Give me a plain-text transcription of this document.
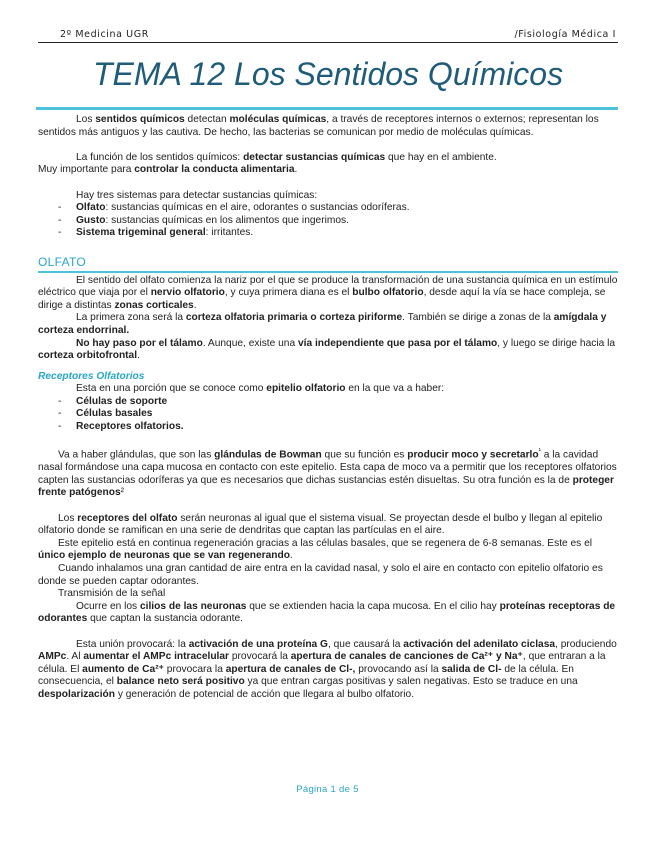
2º Medicina UGR	/Fisiología Médica I
TEMA 12 Los Sentidos Químicos

Los sentidos químicos detectan moléculas químicas, a través de receptores internos o externos; representan los sentidos más antiguos y las cautiva. De hecho, las bacterias se comunican por medio de moléculas químicas.

La función de los sentidos químicos: detectar sustancias químicas que hay en el ambiente.

Muy importante para controlar la conducta alimentaria.

Hay tres sistemas para detectar sustancias químicas:

- Olfato: sustancias químicas en el aire, odorantes o sustancias odoríferas.
- Gusto: sustancias químicas en los alimentos que ingerimos.
- Sistema trigeminal general: irritantes.
OLFATO

El sentido del olfato comienza la nariz por el que se produce la transformación de una sustancia química en un estímulo eléctrico que viaja por el nervio olfatorio, y cuya primera diana es el bulbo olfatorio, desde aquí la vía se hace compleja, se dirige a distintas zonas corticales.

La primera zona será la corteza olfatoria primaria o corteza piriforme. También se dirige a zonas de la amígdala y corteza endorrinal.

No hay paso por el tálamo. Aunque, existe una vía independiente que pasa por el tálamo, y luego se dirige hacia la corteza orbitofrontal.

Receptores Olfatorios

Esta en una porción que se conoce como epitelio olfatorio en la que va a haber:

- Células de soporte
- Células basales
- Receptores olfatorios.

Va a haber glándulas, que son las glándulas de Bowman que su función es producir moco y secretarlo$^{^1}$ a la cavidad nasal formándose una capa mucosa en contacto con este epitelio. Esta capa de moco va a permitir que los receptores olfatorios capten las sustancias odoríferas ya que es necesarios que dichas sustancias estén disueltas. Su otra función es la de proteger frente patógenos²

Los receptores del olfato serán neuronas al igual que el sistema visual. Se proyectan desde el bulbo y llegan al epitelio olfatorio donde se ramifican en una serie de dendritas que captan las partículas en el aire.

Este epitelio está en continua regeneración gracias a las células basales, que se regenera de 6-8 semanas. Este es el único ejemplo de neuronas que se van regenerando.

Cuando inhalamos una gran cantidad de aire entra en la cavidad nasal, y solo el aire en contacto con epitelio olfatorio es donde se pueden captar odorantes.

Transmisión de la señal

Ocurre en los cilios de las neuronas que se extienden hacia la capa mucosa. En el cilio hay proteínas receptoras de odorantes que captan la sustancia odorante.

Esta unión provocará: la activación de una proteína G, que causará la activación del adenilato ciclasa, produciendo AMPc. Al aumentar el AMPc intracelular provocará la apertura de canales de canciones de Ca²⁺ y Na⁺, que entraran a la célula. El aumento de Ca²⁺ provocara la apertura de canales de Cl-, provocando así la salida de Cl- de la célula. En consecuencia, el balance neto será positivo ya que entran cargas positivas y salen negativas. Esto se traduce en una despolarización y generación de potencial de acción que llegara al bulbo olfatorio.

Página 1 de 5
